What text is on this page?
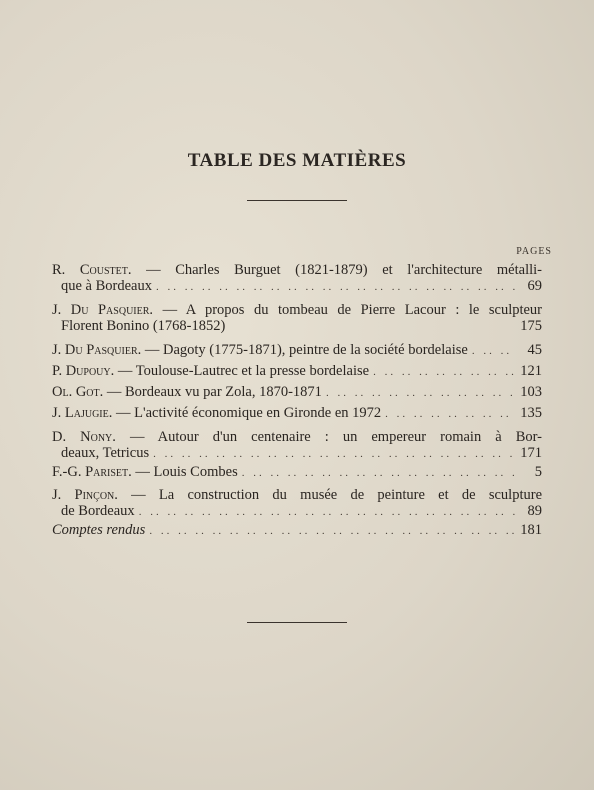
TABLE DES MATIÈRES
PAGES
R. Coustet. — Charles Burguet (1821-1879) et l'architecture métalli-
que à Bordeaux . ..	69
J. Du Pasquier. — A propos du tombeau de Pierre Lacour : le sculpteur
Florent Bonino (1768-1852)	175
J. Du Pasquier. — Dagoty (1775-1871), peintre de la société bordelaise . ..	45
P. Dupouy. — Toulouse-Lautrec et la presse bordelaise . ..	121
Ol. Got. — Bordeaux vu par Zola, 1870-1871 . ..	103
J. Lajugie. — L'activité économique en Gironde en 1972 . ..	135
D. Nony. — Autour d'un centenaire : un empereur romain à Bor-
deaux, Tetricus . ..	171
F.-G. Pariset. — Louis Combes . ..	5
J. Pinçon. — La construction du musée de peinture et de sculpture
de Bordeaux . ..	89
Comptes rendus . ..	181
